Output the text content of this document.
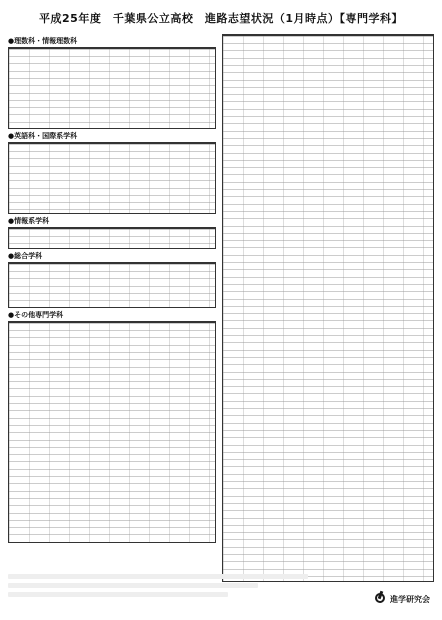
平成25年度　千葉県公立高校　進路志望状況（1月時点）【専門学科】
●理数科・情報理数科
●英語科・国際系学科
●情報系学科
●総合学科
●その他専門学科
進学研究会
